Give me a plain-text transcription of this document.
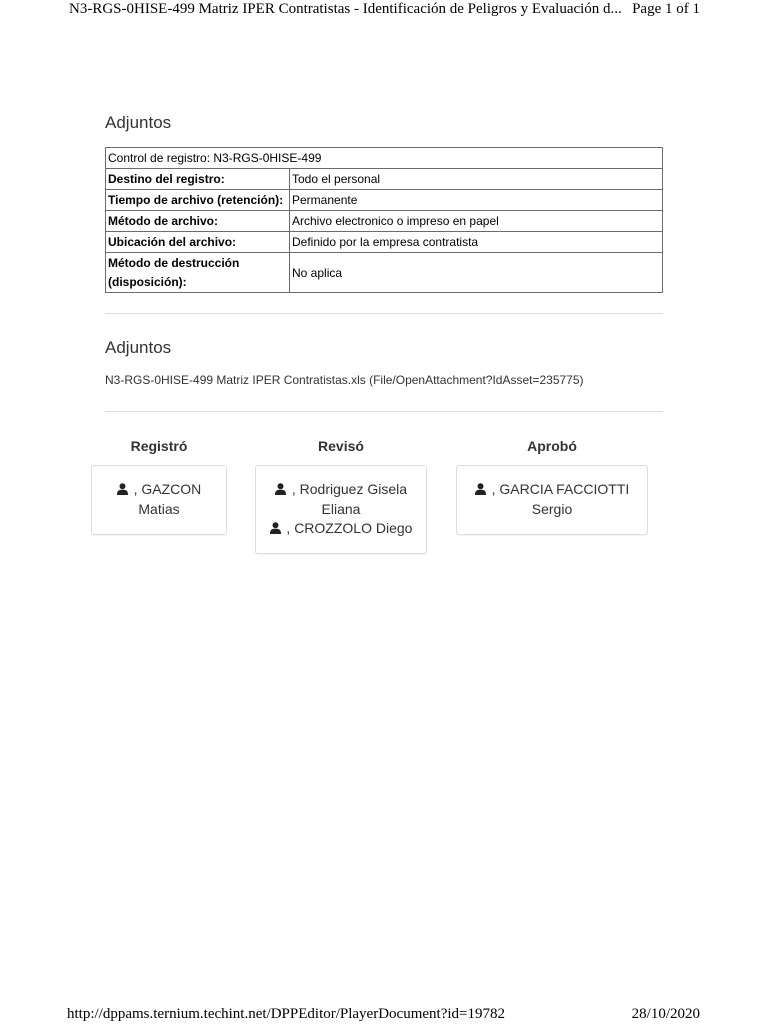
N3-RGS-0HISE-499 Matriz IPER Contratistas - Identificación de Peligros y Evaluación d... Page 1 of 1
Adjuntos
Control de registro: N3-RGS-0HISE-499	
Destino del registro:	Todo el personal
Tiempo de archivo (retención):	Permanente
Método de archivo:	Archivo electronico o impreso en papel
Ubicación del archivo:	Definido por la empresa contratista
Método de destrucción (disposición):	No aplica
Adjuntos
N3-RGS-0HISE-499 Matriz IPER Contratistas.xls (File/OpenAttachment?IdAsset=235775)
Registró
, GAZCON Matias
Revisó
, Rodriguez Gisela Eliana
, CROZZOLO Diego
Aprobó
, GARCIA FACCIOTTI Sergio
http://dppams.ternium.techint.net/DPPEditor/PlayerDocument?id=19782	28/10/2020
